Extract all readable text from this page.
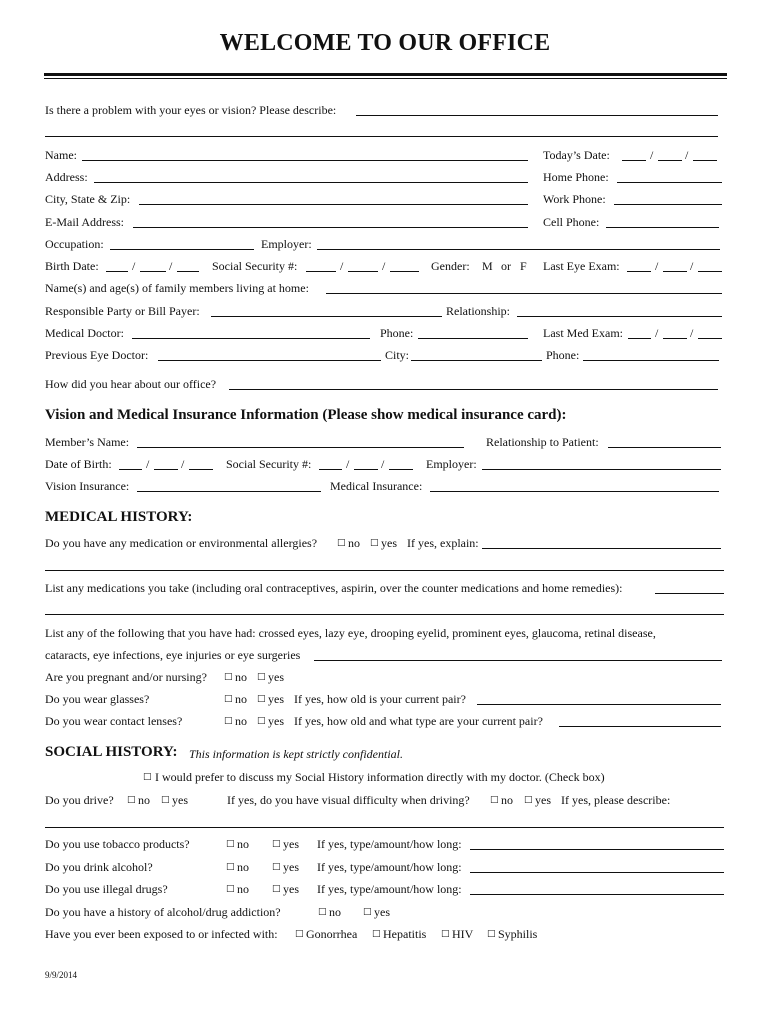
WELCOME TO OUR OFFICE
Is there a problem with your eyes or vision? Please describe:
Name:	Today’s Date:	/	/
Address:	Home Phone:
City, State & Zip:	Work Phone:
E-Mail Address:	Cell Phone:
Occupation:	Employer:
Birth Date:	/	/	Social Security #:	/	/	Gender: M or F Last Eye Exam:	/	/
Name(s) and age(s) of family members living at home:
Responsible Party or Bill Payer:	Relationship:
Medical Doctor:	Phone:	Last Med Exam:	/	/
Previous Eye Doctor:	City:	Phone:
How did you hear about our office?
Vision and Medical Insurance Information (Please show medical insurance card):
Member’s Name:	Relationship to Patient:
Date of Birth:	/	/	Social Security #:	/	/	Employer:
Vision Insurance:	Medical Insurance:
MEDICAL HISTORY:
Do you have any medication or environmental allergies? □ no □ yes If yes, explain:
List any medications you take (including oral contraceptives, aspirin, over the counter medications and home remedies):
List any of the following that you have had: crossed eyes, lazy eye, drooping eyelid, prominent eyes, glaucoma, retinal disease,
cataracts, eye infections, eye injuries or eye surgeries
Are you pregnant and/or nursing? □ no □ yes
Do you wear glasses?	□ no □ yes If yes, how old is your current pair?
Do you wear contact lenses?	□ no □ yes If yes, how old and what type are your current pair?
SOCIAL HISTORY: This information is kept strictly confidential.
□ I would prefer to discuss my Social History information directly with my doctor. (Check box)
Do you drive? □ no □ yes	If yes, do you have visual difficulty when driving? □ no □ yes If yes, please describe:
Do you use tobacco products?	□ no	□ yes If yes, type/amount/how long:
Do you drink alcohol?	□ no	□ yes If yes, type/amount/how long:
Do you use illegal drugs?	□ no	□ yes If yes, type/amount/how long:
Do you have a history of alcohol/drug addiction?	□ no □ yes
Have you ever been exposed to or infected with: □ Gonorrhea □ Hepatitis □ HIV □ Syphilis
9/9/2014
